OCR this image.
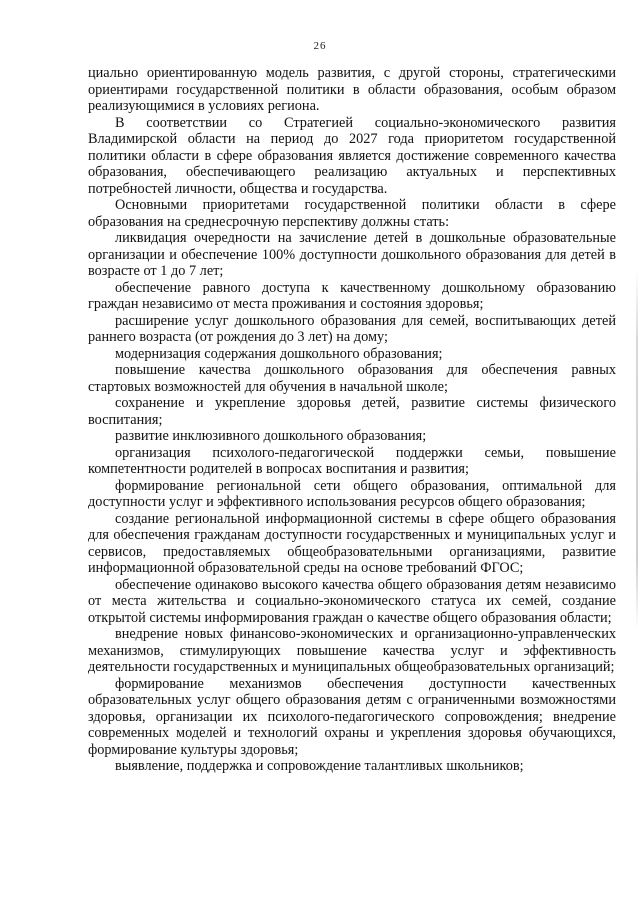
26

циально ориентированную модель развития, с другой стороны, стратегическими ориентирами государственной политики в области образования, особым образом реализующимися в условиях региона.

В соответствии со Стратегией социально-экономического развития Владимирской области на период до 2027 года приоритетом государственной политики области в сфере образования является достижение современного качества образования, обеспечивающего реализацию актуальных и перспективных потребностей личности, общества и государства.

Основными приоритетами государственной политики области в сфере образования на среднесрочную перспективу должны стать:

ликвидация очередности на зачисление детей в дошкольные образовательные организации и обеспечение 100% доступности дошкольного образования для детей в возрасте от 1 до 7 лет;

обеспечение равного доступа к качественному дошкольному образованию граждан независимо от места проживания и состояния здоровья;

расширение услуг дошкольного образования для семей, воспитывающих детей раннего возраста (от рождения до 3 лет) на дому;

модернизация содержания дошкольного образования;

повышение качества дошкольного образования для обеспечения равных стартовых возможностей для обучения в начальной школе;

сохранение и укрепление здоровья детей, развитие системы физического воспитания;

развитие инклюзивного дошкольного образования;

организация психолого-педагогической поддержки семьи, повышение компетентности родителей в вопросах воспитания и развития;

формирование региональной сети общего образования, оптимальной для доступности услуг и эффективного использования ресурсов общего образования;

создание региональной информационной системы в сфере общего образования для обеспечения гражданам доступности государственных и муниципальных услуг и сервисов, предоставляемых общеобразовательными организациями, развитие информационной образовательной среды на основе требований ФГОС;

обеспечение одинаково высокого качества общего образования детям независимо от места жительства и социально-экономического статуса их семей, создание открытой системы информирования граждан о качестве общего образования области;

внедрение новых финансово-экономических и организационно-управленческих механизмов, стимулирующих повышение качества услуг и эффективность деятельности государственных и муниципальных общеобразовательных организаций;

формирование механизмов обеспечения доступности качественных образовательных услуг общего образования детям с ограниченными возможностями здоровья, организации их психолого-педагогического сопровождения; внедрение современных моделей и технологий охраны и укрепления здоровья обучающихся, формирование культуры здоровья;

выявление, поддержка и сопровождение талантливых школьников;
